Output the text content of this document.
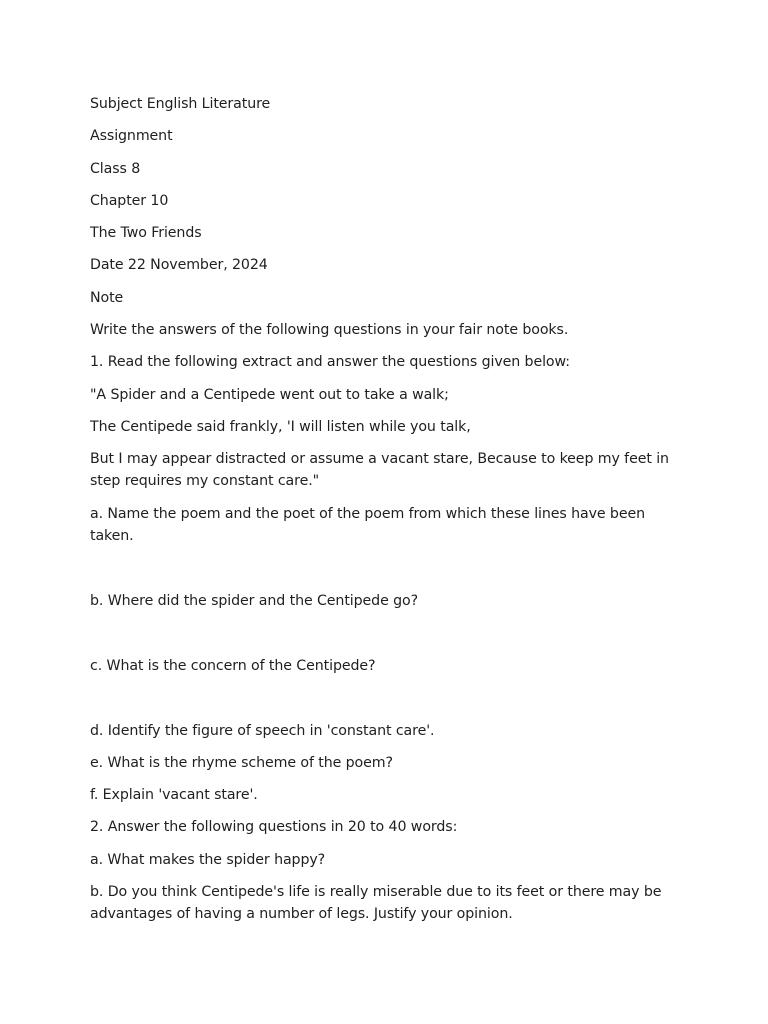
Subject English Literature

Assignment

Class 8

Chapter 10

The Two Friends

Date 22 November, 2024

Note

Write the answers of the following questions in your fair note books.

1. Read the following extract and answer the questions given below:

"A Spider and a Centipede went out to take a walk;

The Centipede said frankly, 'I will listen while you talk,

But I may appear distracted or assume a vacant stare, Because to keep my feet in step requires my constant care."

a. Name the poem and the poet of the poem from which these lines have been taken.

b. Where did the spider and the Centipede go?

c. What is the concern of the Centipede?

d. Identify the figure of speech in 'constant care'.

e. What is the rhyme scheme of the poem?

f. Explain 'vacant stare'.

2. Answer the following questions in 20 to 40 words:

a. What makes the spider happy?

b. Do you think Centipede's life is really miserable due to its feet or there may be advantages of having a number of legs. Justify your opinion.
